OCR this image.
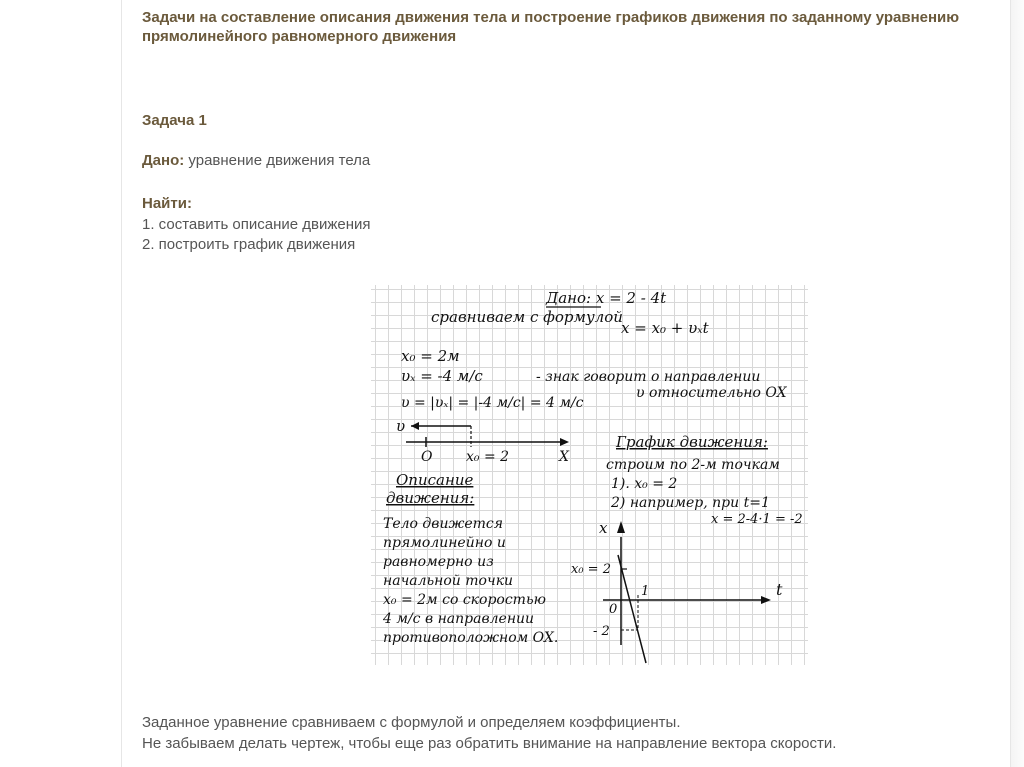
Задачи на составление описания движения тела и построение графиков движения по заданному уравнению прямолинейного равномерного движения
Задача 1
Дано: уравнение движения тела
Найти:
1. составить описание движения
2. построить график движения
Дано: x = 2 - 4t
сравниваем с формулой
x = x₀ + υₓt
x₀ = 2м
υₓ = -4 м/с	- знак говорит о направлении
υ относительно OX
υ = |υₓ| = |-4 м/с| = 4 м/с
υ
O x₀ = 2	X
Описание
движения:
Тело движется
прямолинейно и
равномерно из
начальной точки
x₀ = 2м со скоростью
4 м/с в направлении
противоположном OX.
График движения:
строим по 2-м точкам
1). x₀ = 2
2) например, при t=1
x = 2-4·1 = -2
x
t
x₀ = 2
0
1
- 2
Заданное уравнение сравниваем с формулой и определяем коэффициенты.
Не забываем делать чертеж, чтобы еще раз обратить внимание на направление вектора скорости.
